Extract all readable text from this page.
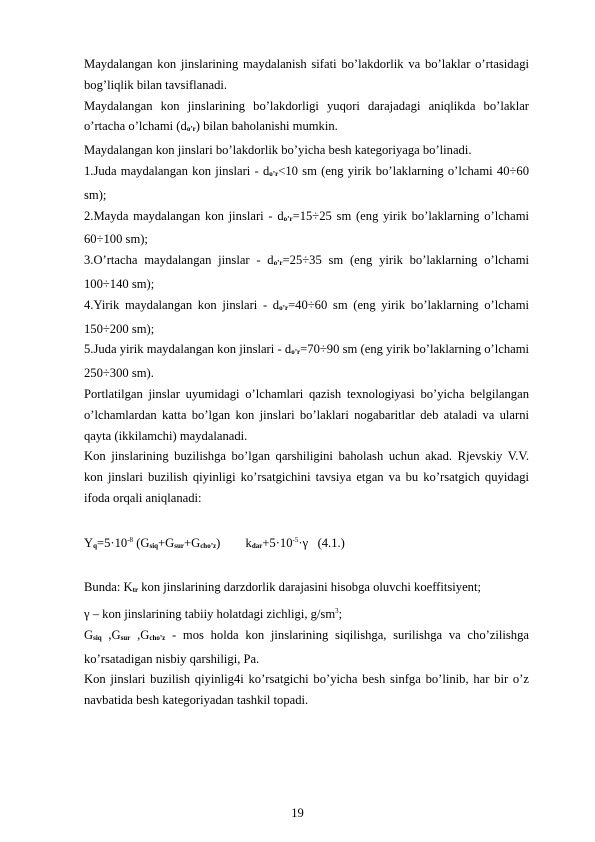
Maydalangan kon jinslarining maydalanish sifati bo’lakdorlik va bo’laklar o’rtasidagi bog’liqlik bilan tavsiflanadi.

Maydalangan kon jinslarining bo’lakdorligi yuqori darajadagi aniqlikda bo’laklar o’rtacha o’lchami (do’r) bilan baholanishi mumkin.

Maydalangan kon jinslari bo’lakdorlik bo’yicha besh kategoriyaga bo’linadi.

1.Juda maydalangan kon jinslari - do’r<10 sm (eng yirik bo’laklarning o’lchami 40÷60 sm);

2.Mayda maydalangan kon jinslari - do’r=15÷25 sm (eng yirik bo’laklarning o’lchami 60÷100 sm);

3.O’rtacha maydalangan jinslar - do’r=25÷35 sm (eng yirik bo’laklarning o’lchami 100÷140 sm);

4.Yirik maydalangan kon jinslari - do’r=40÷60 sm (eng yirik bo’laklarning o’lchami 150÷200 sm);

5.Juda yirik maydalangan kon jinslari - do’r=70÷90 sm (eng yirik bo’laklarning o’lchami 250÷300 sm).

Portlatilgan jinslar uyumidagi o’lchamlari qazish texnologiyasi bo’yicha belgilangan o’lchamlardan katta bo’lgan kon jinslari bo’laklari nogabaritlar deb ataladi va ularni qayta (ikkilamchi) maydalanadi.

Kon jinslarining buzilishga bo’lgan qarshiligini baholash uchun akad. Rjevskiy V.V. kon jinslari buzilish qiyinligi ko’rsatgichini tavsiya etgan va bu ko’rsatgich quyidagi ifoda orqali aniqlanadi:

$Yq=5\cdot 10^{-8}$ (Gsiq+Gsur+Gcho’z) $kdar+5\cdot 10^{-5}\cdot\gamma$   (4.1.)

Bunda: Ktr kon jinslarining darzdorlik darajasini hisobga oluvchi koeffitsiyent;

γ – kon jinslarining tabiiy holatdagi zichligi, $g/sm^3$;

Gsiq ,Gsur ,Gcho’z - mos holda kon jinslarining siqilishga, surilishga va cho’zilishga ko’rsatadigan nisbiy qarshiligi, Pa.

Kon jinslari buzilish qiyinlig4i ko’rsatgichi bo’yicha besh sinfga bo’linib, har bir o’z navbatida besh kategoriyadan tashkil topadi.

19
